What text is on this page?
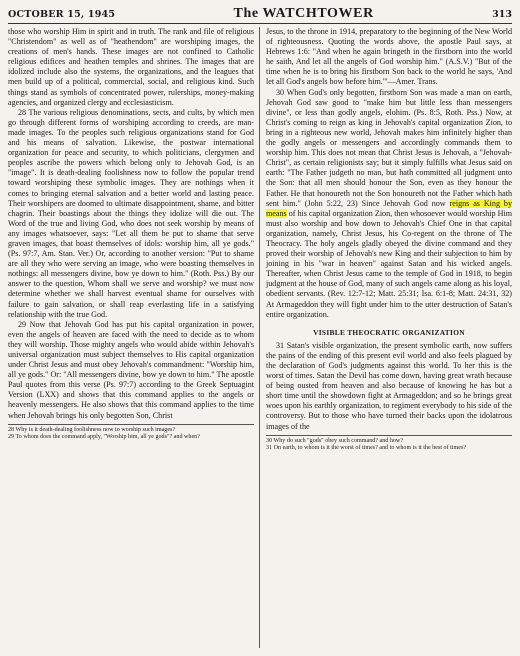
OCTOBER 15, 1945	The WATCHTOWER	313

those who worship Him in spirit and in truth. The rank and file of religious "Christendom" as well as of "heathendom" are worshiping images, the creations of men's hands. These images are not confined to Catholic religious edifices and heathen temples and shrines. The images that are idolized include also the systems, the organizations, and the leagues that men build up of a political, commercial, social, and religious kind. Such things stand as symbols of concentrated power, rulerships, money-making agencies, and organized clergy and ecclesiasticism.

28 The various religious denominations, sects, and cults, by which men go through different forms of worshiping according to creeds, are man-made images. To the peoples such religious organizations stand for God and his means of salvation. Likewise, the postwar international organization for peace and security, to which politicians, clergymen and peoples ascribe the powers which belong only to Jehovah God, is an "image". It is death-dealing foolishness now to follow the popular trend toward worshiping these symbolic images. They are nothings when it comes to bringing eternal salvation and a better world and lasting peace. Their worshipers are doomed to ultimate disappointment, shame, and bitter chagrin. Their boastings about the things they idolize will die out. The Word of the true and living God, who does not seek worship by means of any images whatsoever, says: "Let all them be put to shame that serve graven images, that boast themselves of idols: worship him, all ye gods." (Ps. 97:7, Am. Stan. Ver.) Or, according to another version: "Put to shame are all they who were serving an image, who were boasting themselves in nothings: all messengers divine, bow ye down to him." (Roth. Pss.) By our answer to the question, Whom shall we serve and worship? we must now determine whether we shall harvest eventual shame for ourselves with failure to gain salvation, or shall reap everlasting life in a satisfying relationship with the true God.

29 Now that Jehovah God has put his capital organization in power, even the angels of heaven are faced with the need to decide as to whom they will worship. Those mighty angels who would abide within Jehovah's universal organization must subject themselves to His capital organization under Christ Jesus and must obey Jehovah's commandment: "Worship him, all ye gods." Or: "All messengers divine, bow ye down to him." The apostle Paul quotes from this verse (Ps. 97:7) according to the Greek Septuagint Version (LXX) and shows that this command applies to the angels or heavenly messengers. He also shows that this command applies to the time when Jehovah brings his only begotten Son, Christ

28 Why is it death-dealing foolishness now to worship such images?
29 To whom does the command apply, "Worship him, all ye gods"? and when?

Jesus, to the throne in 1914, preparatory to the beginning of the New World of righteousness. Quoting the words above, the apostle Paul says, at Hebrews 1:6: "And when he again bringeth in the firstborn into the world he saith, And let all the angels of God worship him." (A.S.V.) "But of the time when he is to bring his firstborn Son back to the world he says, 'And let all God's angels bow before him.'"—Amer. Trans.

30 When God's only begotten, firstborn Son was made a man on earth, Jehovah God saw good to "make him but little less than messengers divine", or less than godly angels, elohim. (Ps. 8:5, Roth. Pss.) Now, at Christ's coming to reign as king in Jehovah's capital organization Zion, to bring in a righteous new world, Jehovah makes him infinitely higher than the godly angels or messengers and accordingly commands them to worship him. This does not mean that Christ Jesus is Jehovah, a "Jehovah-Christ", as certain religionists say; but it simply fulfills what Jesus said on earth: "The Father judgeth no man, but hath committed all judgment unto the Son: that all men should honour the Son, even as they honour the Father. He that honoureth not the Son honoureth not the Father which hath sent him." (John 5:22, 23) Since Jehovah God now reigns as King by means of his capital organization Zion, then whosoever would worship Him must also worship and bow down to Jehovah's Chief One in that capital organization, namely, Christ Jesus, his Co-regent on the throne of The Theocracy. The holy angels gladly obeyed the divine command and they proved their worship of Jehovah's new King and their subjection to him by joining in his "war in heaven" against Satan and his wicked angels. Thereafter, when Christ Jesus came to the temple of God in 1918, to begin judgment at the house of God, many of such angels came along as his loyal, obedient servants. (Rev. 12:7-12; Matt. 25:31; Isa. 6:1-8; Matt. 24:31, 32) At Armageddon they will fight under him to the utter destruction of Satan's entire organization.

VISIBLE THEOCRATIC ORGANIZATION

31 Satan's visible organization, the present symbolic earth, now suffers the pains of the ending of this present evil world and also feels plagued by the declaration of God's judgments against this world. To her this is the worst of times. Satan the Devil has come down, having great wrath because of being ousted from heaven and also because of knowing he has but a short time until the showdown fight at Armageddon; and so he brings great woes upon his earthly organization, to regiment everybody to his side of the controversy. But to those who have turned their backs upon the idolatrous images of the

30 Why do such "gods" obey such command? and how?
31 On earth, to whom is it the worst of times? and to whom is it the best of times?
